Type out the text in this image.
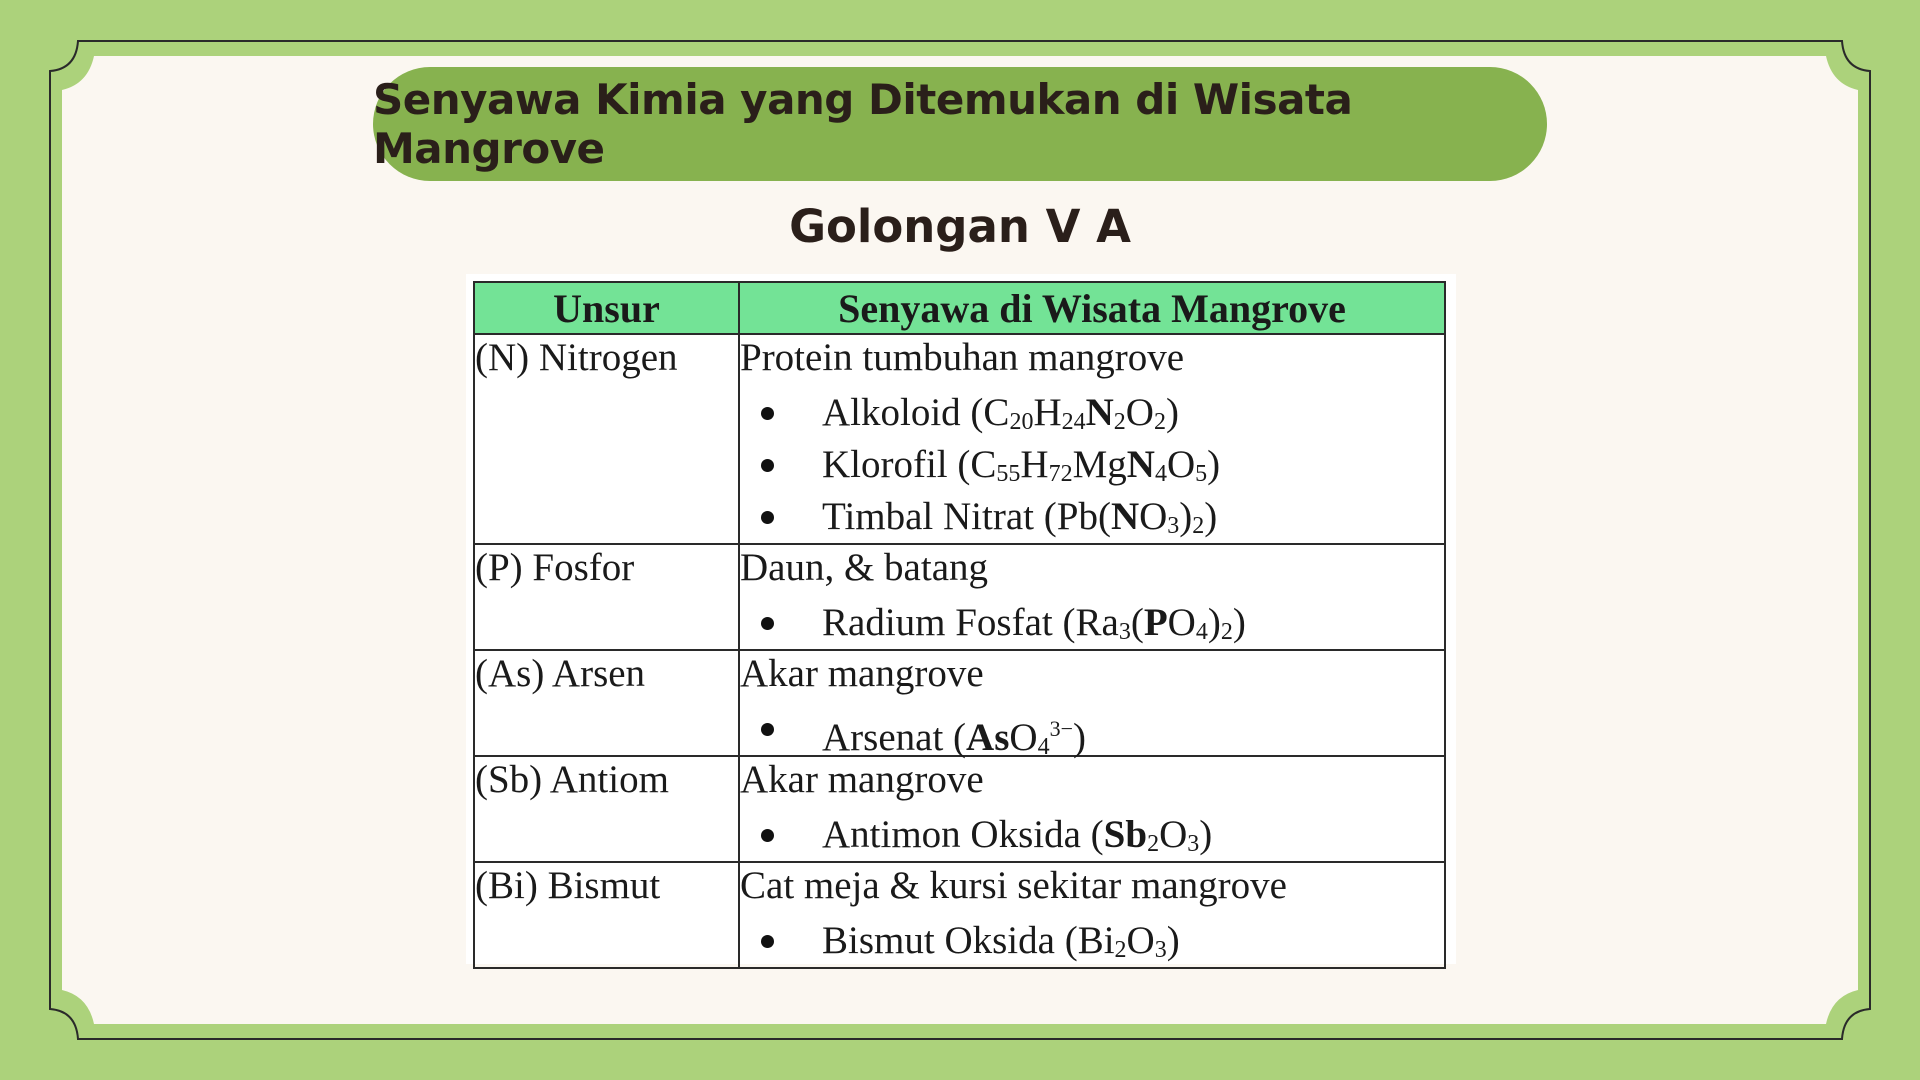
Senyawa Kimia yang Ditemukan di Wisata Mangrove
Golongan V A
Unsur	Senyawa di Wisata Mangrove
(N) Nitrogen	Protein tumbuhan mangrove
Alkoloid (C20H24N2O2)
Klorofil (C55H72MgN4O5)
Timbal Nitrat (Pb(NO3)2)

(P) Fosfor	Daun, & batang
Radium Fosfat (Ra3(PO4)2)

(As) Arsen	Akar mangrove
Arsenat $(AsO4^{3-})$

(Sb) Antiom	Akar mangrove
Antimon Oksida (Sb2O3)

(Bi) Bismut	Cat meja & kursi sekitar mangrove
Bismut Oksida (Bi2O3)
